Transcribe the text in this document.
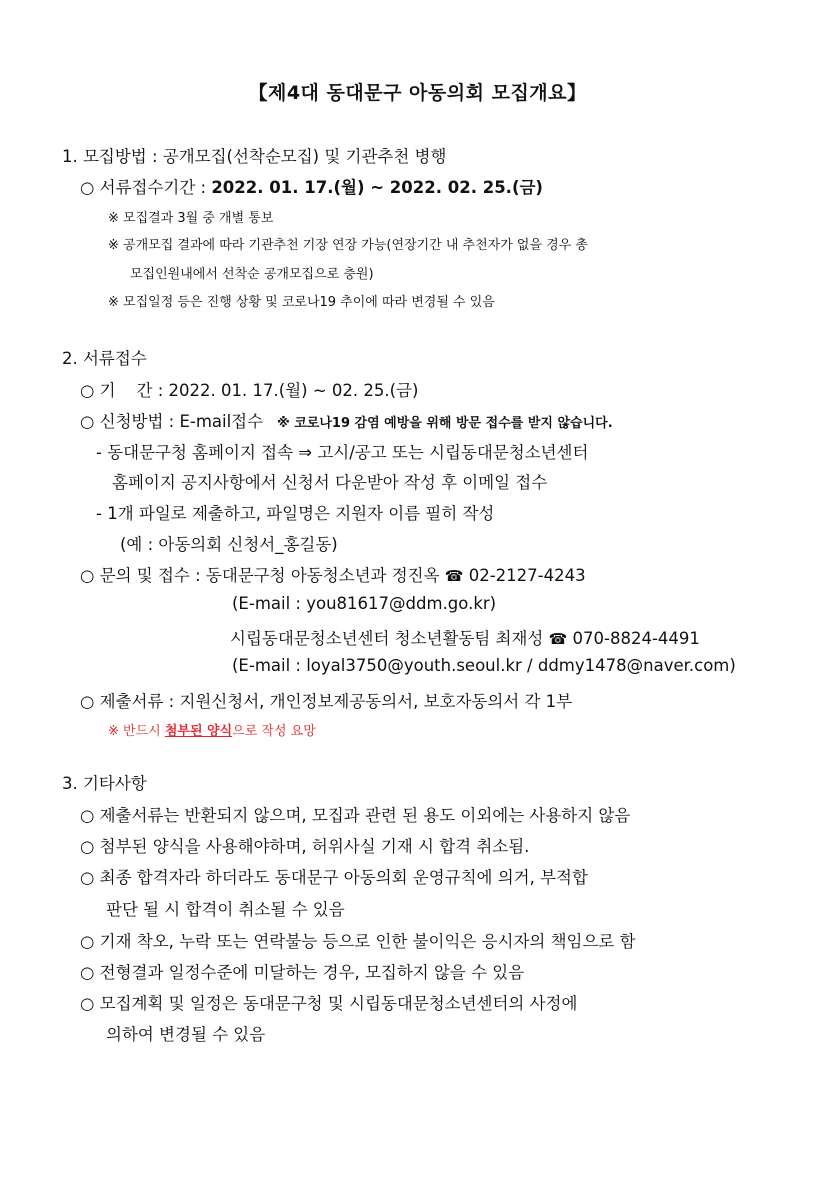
【제4대 동대문구 아동의회 모집개요】
1. 모집방법 : 공개모집(선착순모집) 및 기관추천 병행
○ 서류접수기간 : 2022. 01. 17.(월) ~ 2022. 02. 25.(금)
※ 모집결과 3월 중 개별 통보
※ 공개모집 결과에 따라 기관추천 기장 연장 가능(연장기간 내 추천자가 없을 경우 총
모집인원내에서 선착순 공개모집으로 충원)
※ 모집일정 등은 진행 상황 및 코로나19 추이에 따라 변경될 수 있음
2. 서류접수
○ 기    간 : 2022. 01. 17.(월) ~ 02. 25.(금)
○ 신청방법 : E-mail접수 ※ 코로나19 감염 예방을 위해 방문 접수를 받지 않습니다.
- 동대문구청 홈페이지 접속 ⇒ 고시/공고 또는 시립동대문청소년센터
홈페이지 공지사항에서 신청서 다운받아 작성 후 이메일 접수
- 1개 파일로 제출하고, 파일명은 지원자 이름 필히 작성
(예 : 아동의회 신청서_홍길동)
○ 문의 및 접수 : 동대문구청 아동청소년과 정진옥 ☎ 02-2127-4243
(E-mail : you81617@ddm.go.kr)
시립동대문청소년센터 청소년활동팀 최재성 ☎ 070-8824-4491
(E-mail : loyal3750@youth.seoul.kr / ddmy1478@naver.com)
○ 제출서류 : 지원신청서, 개인정보제공동의서, 보호자동의서 각 1부
※ 반드시 첨부된 양식으로 작성 요망
3. 기타사항
○ 제출서류는 반환되지 않으며, 모집과 관련 된 용도 이외에는 사용하지 않음
○ 첨부된 양식을 사용해야하며, 허위사실 기재 시 합격 취소됨.
○ 최종 합격자라 하더라도 동대문구 아동의회 운영규칙에 의거, 부적합
판단 될 시 합격이 취소될 수 있음
○ 기재 착오, 누락 또는 연락불능 등으로 인한 불이익은 응시자의 책임으로 함
○ 전형결과 일정수준에 미달하는 경우, 모집하지 않을 수 있음
○ 모집계획 및 일정은 동대문구청 및 시립동대문청소년센터의 사정에
의하여 변경될 수 있음
